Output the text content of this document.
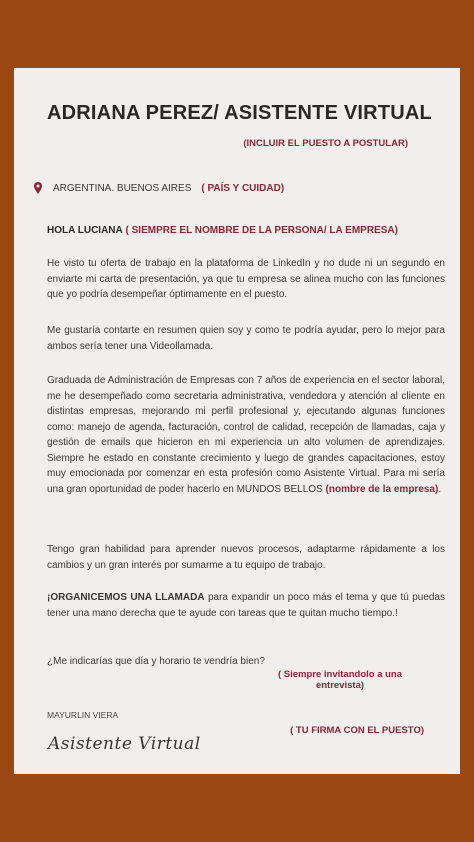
ADRIANA PEREZ/ ASISTENTE VIRTUAL
(INCLUIR EL PUESTO A POSTULAR)
ARGENTINA. BUENOS AIRES ( PAÍS Y CUIDAD)

HOLA LUCIANA ( SIEMPRE EL NOMBRE DE LA PERSONA/ LA EMPRESA)

He visto tu oferta de trabajo en la plataforma de LinkedIn y no dude ni un segundo en enviarte mi carta de presentación, ya que tu empresa se alinea mucho con las funciones que yo podría desempeñar óptimamente en el puesto.

Me gustaría contarte en resumen quien soy y como te podría ayudar, pero lo mejor para ambos sería tener una Videollamada.

Graduada de Administración de Empresas con 7 años de experiencia en el sector laboral, me he desempeñado como secretaria administrativa, vendedora y atención al cliente en distintas empresas, mejorando mi perfil profesional y, ejecutando algunas funciones como: manejo de agenda, facturación, control de calidad, recepción de llamadas, caja y gestión de emails que hicieron en mi experiencia un alto volumen de aprendizajes. Siempre he estado en constante crecimiento y luego de grandes capacitaciones, estoy muy emocionada por comenzar en esta profesión como Asistente Virtual. Para mi sería una gran oportunidad de poder hacerlo en MUNDOS BELLOS (nombre de la empresa).

Tengo gran habilidad para aprender nuevos procesos, adaptarme rápidamente a los cambios y un gran interés por sumarme a tu equipo de trabajo.

¡ORGANICEMOS UNA LLAMADA para expandir un poco más el tema y que tú puedas tener una mano derecha que te ayude con tareas que te quitan mucho tiempo.!

¿Me indicarías que día y horario te vendría bien?

( Siempre invitandolo a una entrevista)
MAYURLIN VIERA
( TU FIRMA CON EL PUESTO)
Asistente Virtual
